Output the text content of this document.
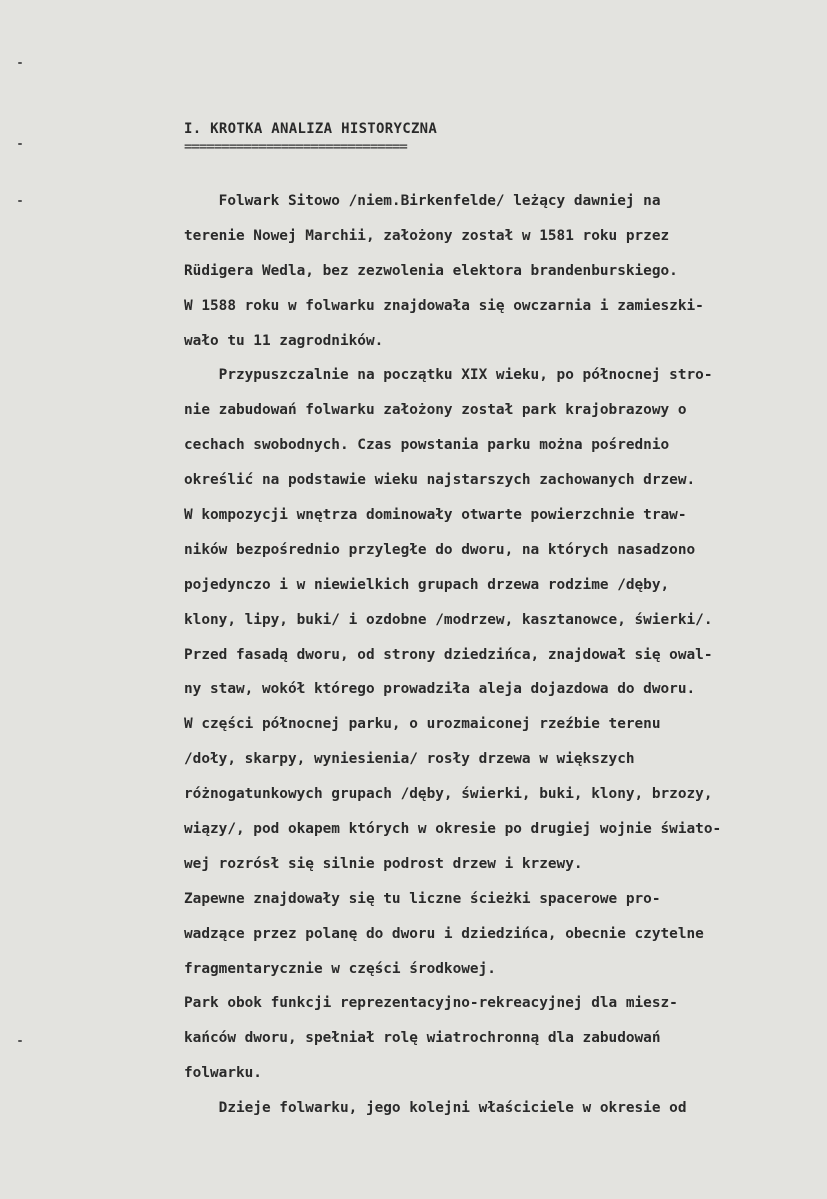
I. KROTKA ANALIZA HISTORYCZNA
==============================
Folwark Sitowo /niem.Birkenfelde/ leżący dawniej na
terenie Nowej Marchii, założony został w 1581 roku przez
Rüdigera Wedla, bez zezwolenia elektora brandenburskiego.
W 1588 roku w folwarku znajdowała się owczarnia i zamieszki-
wało tu 11 zagrodników.
Przypuszczalnie na początku XIX wieku, po północnej stro-
nie zabudowań folwarku założony został park krajobrazowy o
cechach swobodnych. Czas powstania parku można pośrednio
określić na podstawie wieku najstarszych zachowanych drzew.
W kompozycji wnętrza dominowały otwarte powierzchnie traw-
ników bezpośrednio przyległe do dworu, na których nasadzono
pojedynczo i w niewielkich grupach drzewa rodzime /dęby,
klony, lipy, buki/ i ozdobne /modrzew, kasztanowce, świerki/.
Przed fasadą dworu, od strony dziedzińca, znajdował się owal-
ny staw, wokół którego prowadziła aleja dojazdowa do dworu.
W części północnej parku, o urozmaiconej rzeźbie terenu
/doły, skarpy, wyniesienia/ rosły drzewa w większych
różnogatunkowych grupach /dęby, świerki, buki, klony, brzozy,
wiązy/, pod okapem których w okresie po drugiej wojnie świato-
wej rozrósł się silnie podrost drzew i krzewy.
Zapewne znajdowały się tu liczne ścieżki spacerowe pro-
wadzące przez polanę do dworu i dziedzińca, obecnie czytelne
fragmentarycznie w części środkowej.
Park obok funkcji reprezentacyjno-rekreacyjnej dla miesz-
kańców dworu, spełniał rolę wiatrochronną dla zabudowań
folwarku.
Dzieje folwarku, jego kolejni właściciele w okresie od
